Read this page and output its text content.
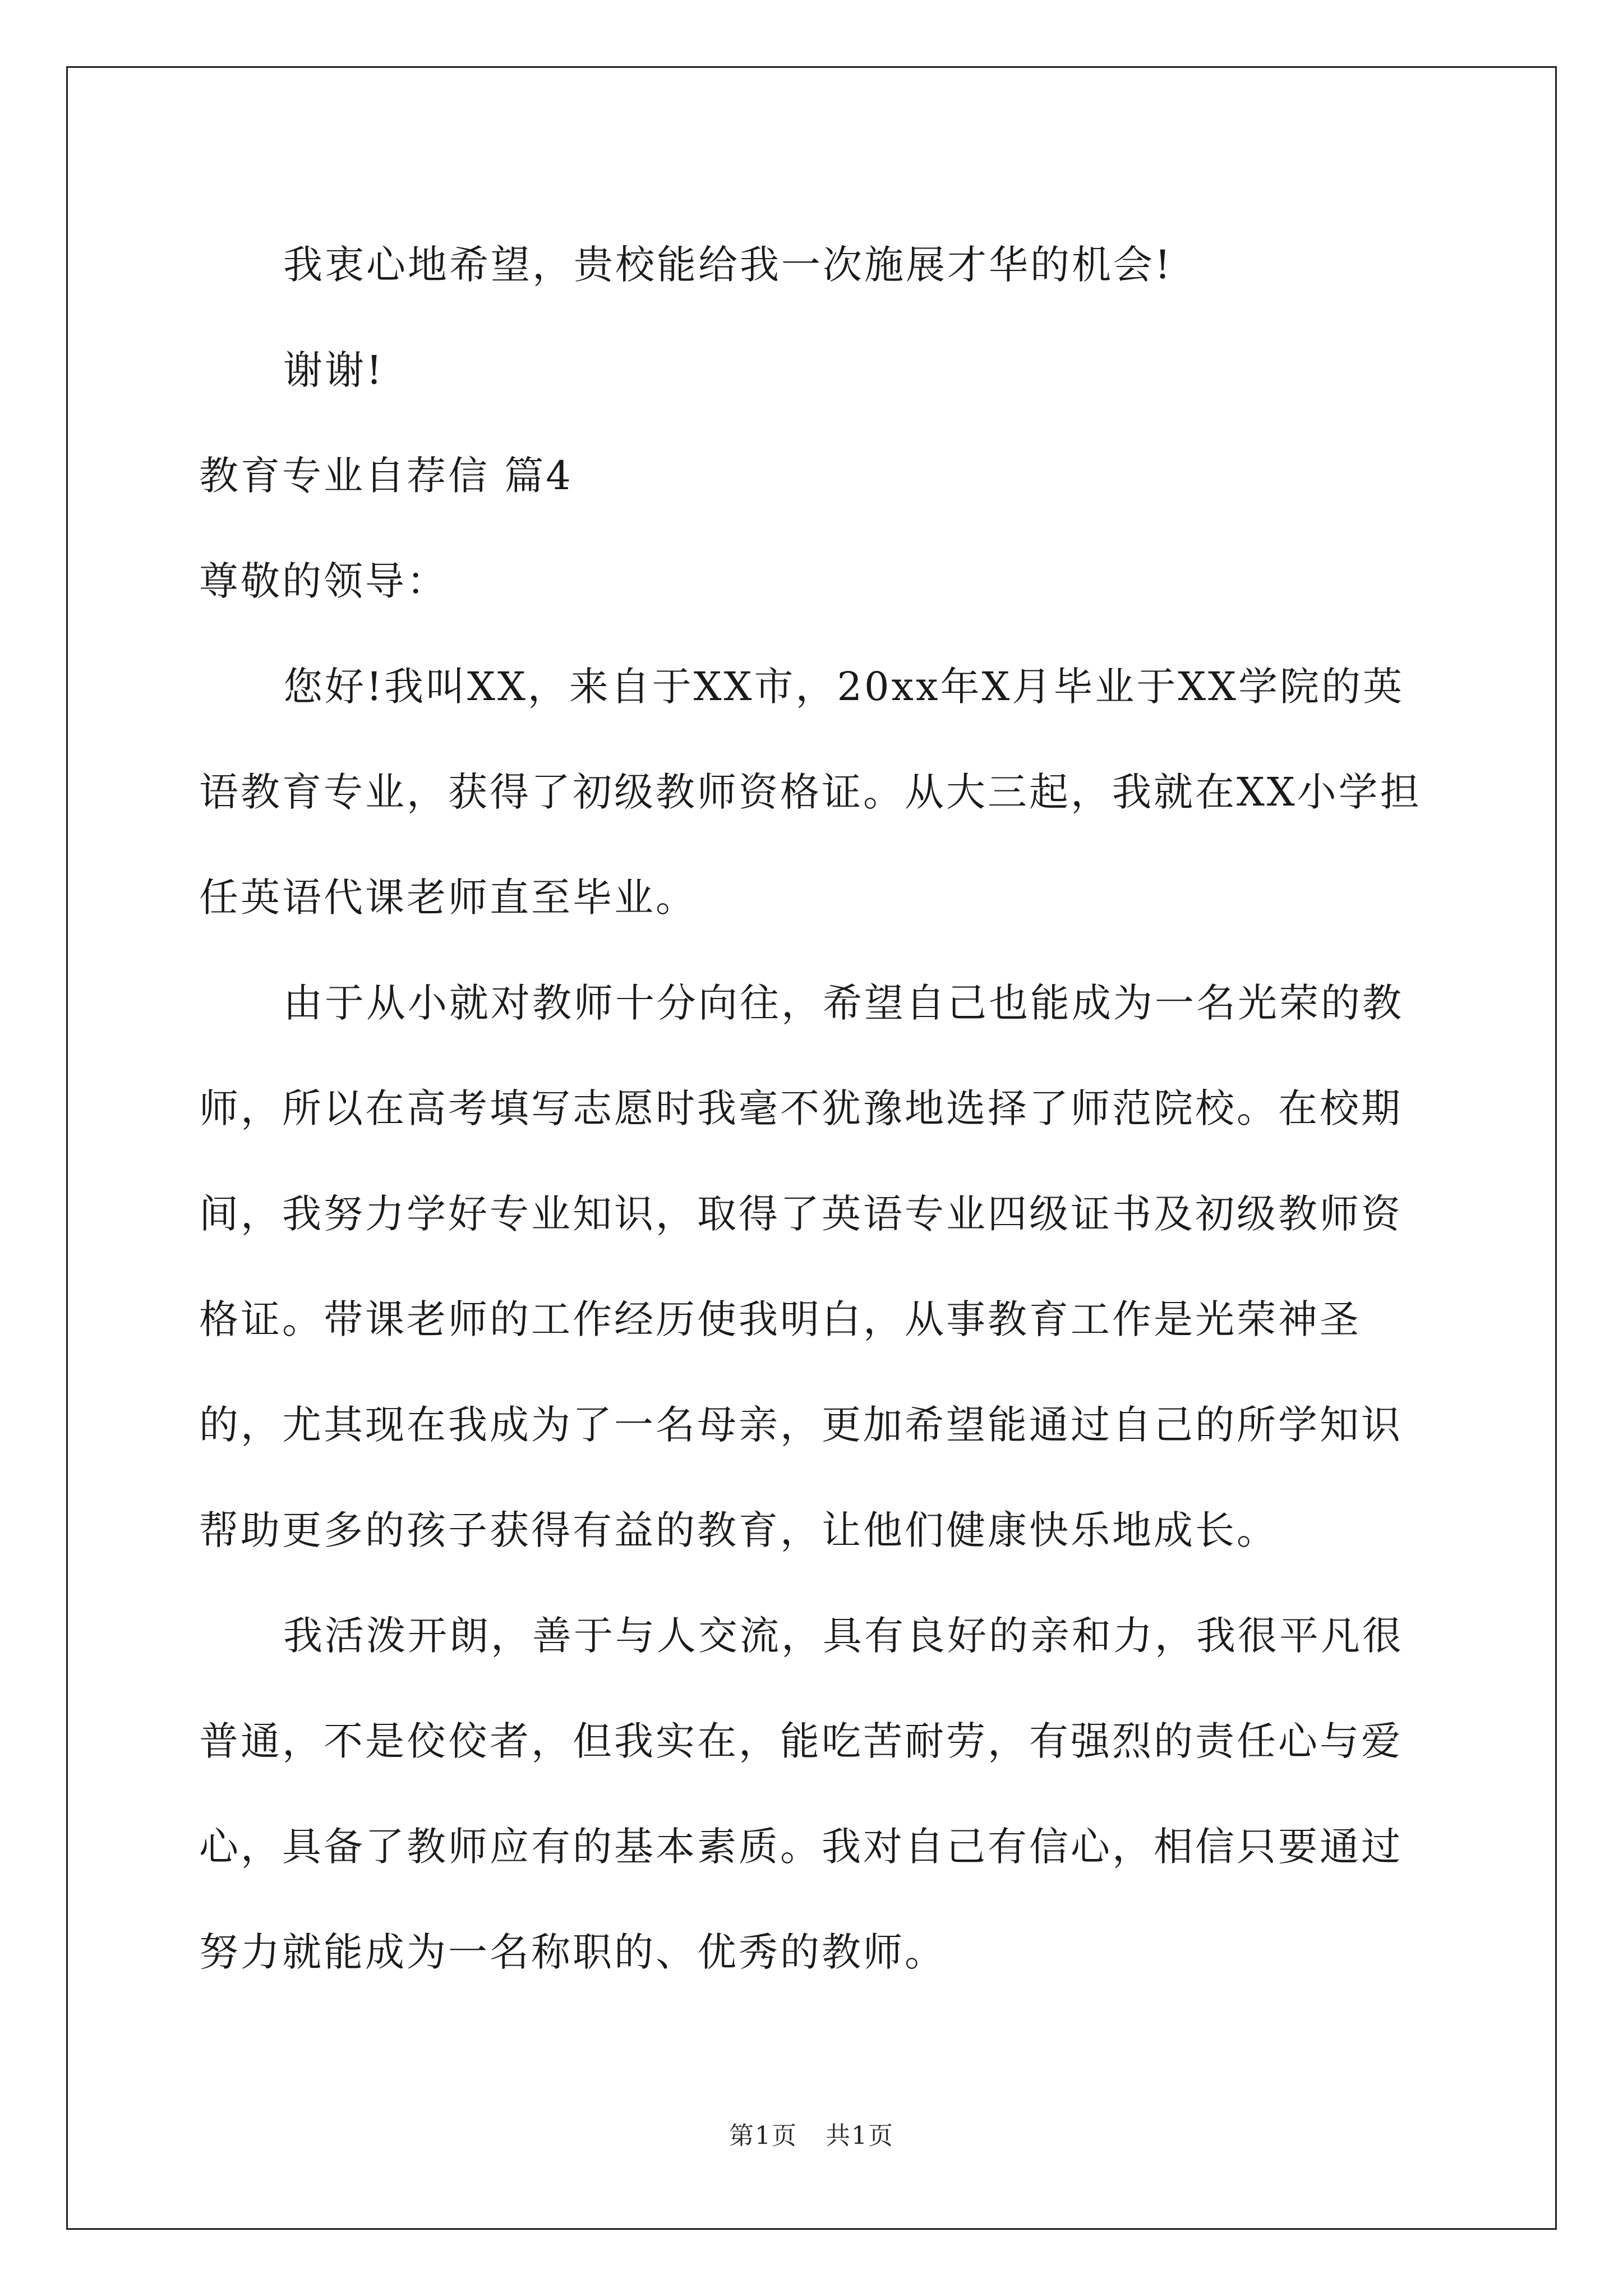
我衷心地希望，贵校能给我一次施展才华的机会!

谢谢!

教育专业自荐信 篇4

尊敬的领导：

您好!我叫XX，来自于XX市，20xx年X月毕业于XX学院的英语教育专业，获得了初级教师资格证。从大三起，我就在XX小学担任英语代课老师直至毕业。

由于从小就对教师十分向往，希望自己也能成为一名光荣的教师，所以在高考填写志愿时我毫不犹豫地选择了师范院校。在校期间，我努力学好专业知识，取得了英语专业四级证书及初级教师资格证。带课老师的工作经历使我明白，从事教育工作是光荣神圣的，尤其现在我成为了一名母亲，更加希望能通过自己的所学知识帮助更多的孩子获得有益的教育，让他们健康快乐地成长。

我活泼开朗，善于与人交流，具有良好的亲和力，我很平凡很普通，不是佼佼者，但我实在，能吃苦耐劳，有强烈的责任心与爱心，具备了教师应有的基本素质。我对自己有信心，相信只要通过努力就能成为一名称职的、优秀的教师。

第1页 共1页
